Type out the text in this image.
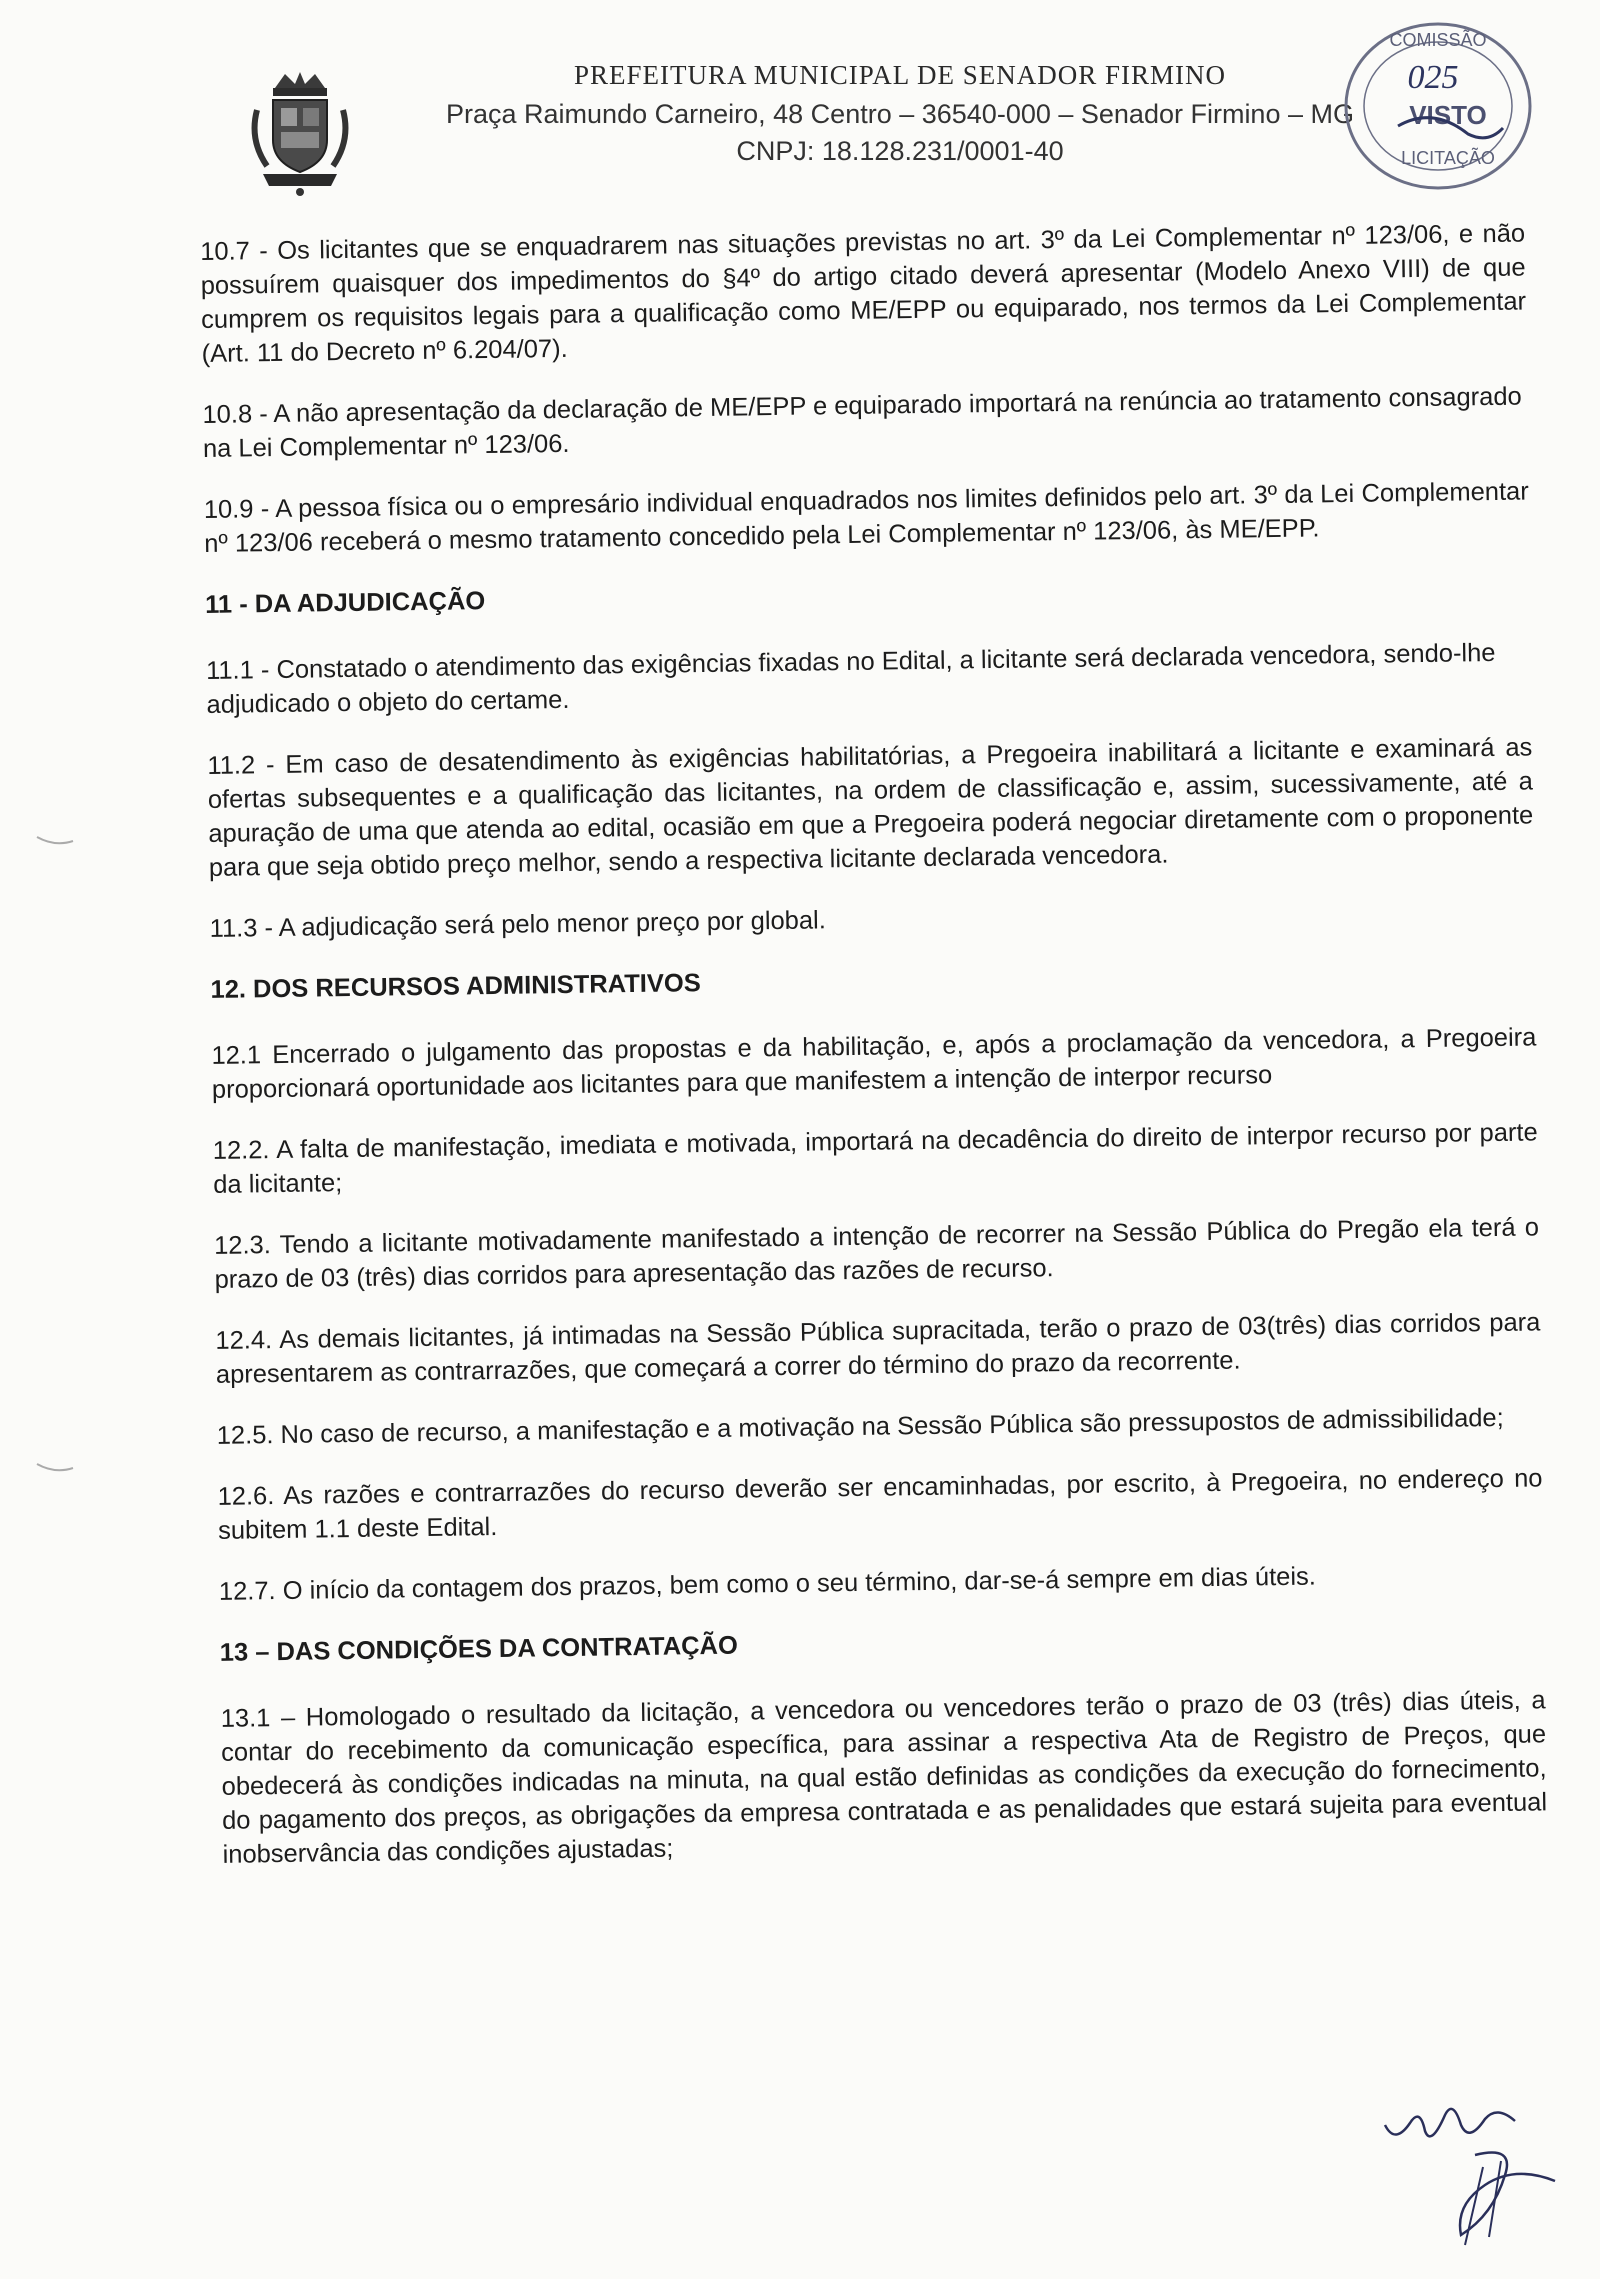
PREFEITURA MUNICIPAL DE SENADOR FIRMINO
Praça Raimundo Carneiro, 48 Centro – 36540-000 – Senador Firmino – MG
CNPJ: 18.128.231/0001-40
COMISSÃO
025
VISTO
LICITAÇÃO

10.7 - Os licitantes que se enquadrarem nas situações previstas no art. 3º da Lei Complementar nº 123/06, e não possuírem quaisquer dos impedimentos do §4º do artigo citado deverá apresentar (Modelo Anexo VIII) de que cumprem os requisitos legais para a qualificação como ME/EPP ou equiparado, nos termos da Lei Complementar (Art. 11 do Decreto nº 6.204/07).

10.8 - A não apresentação da declaração de ME/EPP e equiparado importará na renúncia ao tratamento consagrado na Lei Complementar nº 123/06.

10.9 - A pessoa física ou o empresário individual enquadrados nos limites definidos pelo art. 3º da Lei Complementar nº 123/06 receberá o mesmo tratamento concedido pela Lei Complementar nº 123/06, às ME/EPP.

11 - DA ADJUDICAÇÃO

11.1 - Constatado o atendimento das exigências fixadas no Edital, a licitante será declarada vencedora, sendo-lhe adjudicado o objeto do certame.

11.2 - Em caso de desatendimento às exigências habilitatórias, a Pregoeira inabilitará a licitante e examinará as ofertas subsequentes e a qualificação das licitantes, na ordem de classificação e, assim, sucessivamente, até a apuração de uma que atenda ao edital, ocasião em que a Pregoeira poderá negociar diretamente com o proponente para que seja obtido preço melhor, sendo a respectiva licitante declarada vencedora.

11.3 - A adjudicação será pelo menor preço por global.

12. DOS RECURSOS ADMINISTRATIVOS

12.1 Encerrado o julgamento das propostas e da habilitação, e, após a proclamação da vencedora, a Pregoeira proporcionará oportunidade aos licitantes para que manifestem a intenção de interpor recurso

12.2. A falta de manifestação, imediata e motivada, importará na decadência do direito de interpor recurso por parte da licitante;

12.3. Tendo a licitante motivadamente manifestado a intenção de recorrer na Sessão Pública do Pregão ela terá o prazo de 03 (três) dias corridos para apresentação das razões de recurso.

12.4. As demais licitantes, já intimadas na Sessão Pública supracitada, terão o prazo de 03(três) dias corridos para apresentarem as contrarrazões, que começará a correr do término do prazo da recorrente.

12.5. No caso de recurso, a manifestação e a motivação na Sessão Pública são pressupostos de admissibilidade;

12.6. As razões e contrarrazões do recurso deverão ser encaminhadas, por escrito, à Pregoeira, no endereço no subitem 1.1 deste Edital.

12.7. O início da contagem dos prazos, bem como o seu término, dar-se-á sempre em dias úteis.

13 – DAS CONDIÇÕES DA CONTRATAÇÃO

13.1 – Homologado o resultado da licitação, a vencedora ou vencedores terão o prazo de 03 (três) dias úteis, a contar do recebimento da comunicação específica, para assinar a respectiva Ata de Registro de Preços, que obedecerá às condições indicadas na minuta, na qual estão definidas as condições da execução do fornecimento, do pagamento dos preços, as obrigações da empresa contratada e as penalidades que estará sujeita para eventual inobservância das condições ajustadas;
